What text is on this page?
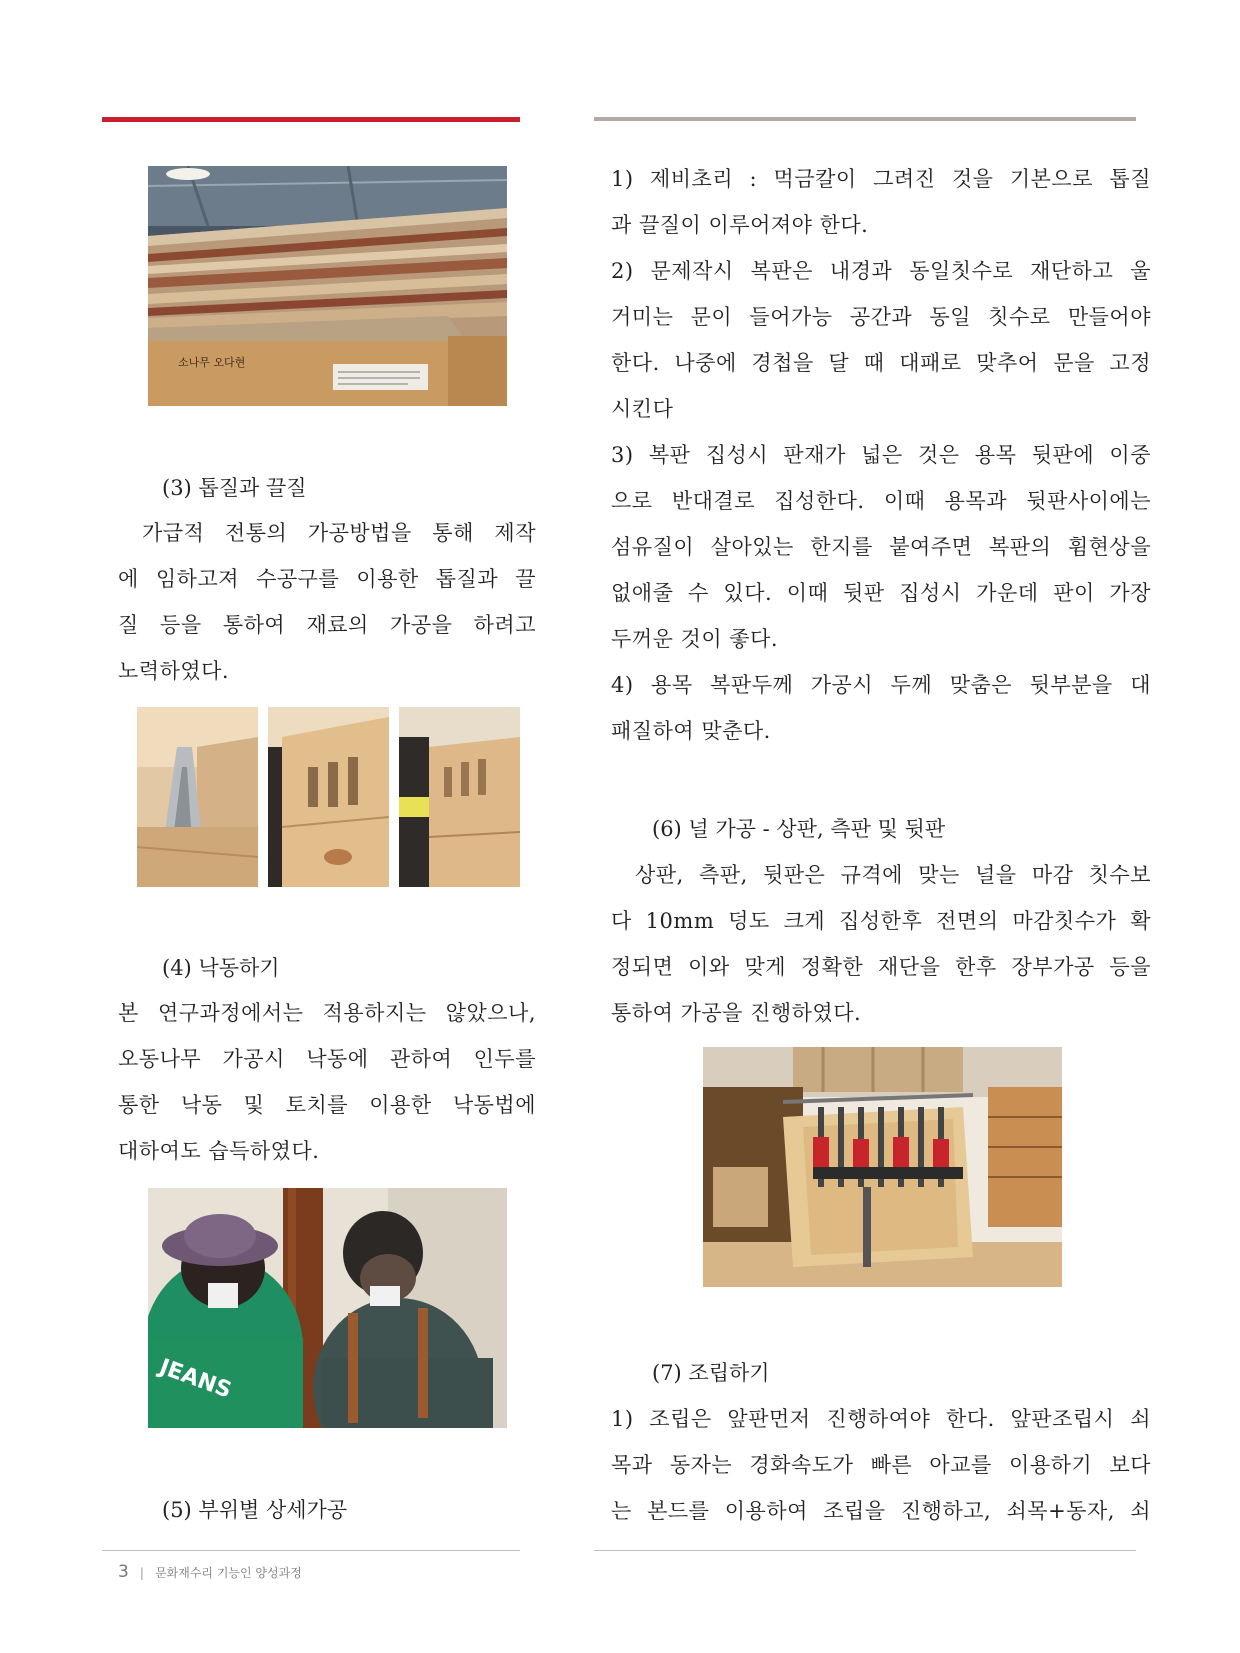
소나무 오다현
(3) 톱질과 끌질
가급적 전통의 가공방법을 통해 제작
에 임하고져 수공구를 이용한 톱질과 끌
질 등을 통하여 재료의 가공을 하려고
노력하였다.
(4) 낙동하기
본 연구과정에서는 적용하지는 않았으나,
오동나무 가공시 낙동에 관하여 인두를
통한 낙동 및 토치를 이용한 낙동법에
대하여도 습득하였다.
JEANS
(5) 부위별 상세가공
1) 제비초리 : 먹금칼이 그려진 것을 기본으로 톱질
과 끌질이 이루어져야 한다.
2) 문제작시 복판은 내경과 동일칫수로 재단하고 울
거미는 문이 들어가능 공간과 동일 칫수로 만들어야
한다. 나중에 경첩을 달 때 대패로 맞추어 문을 고정
시킨다
3) 복판 집성시 판재가 넓은 것은 용목 뒷판에 이중
으로 반대결로 집성한다. 이때 용목과 뒷판사이에는
섬유질이 살아있는 한지를 붙여주면 복판의 휨현상을
없애줄 수 있다. 이때 뒷판 집성시 가운데 판이 가장
두꺼운 것이 좋다.
4) 용목 복판두께 가공시 두께 맞춤은 뒷부분을 대
패질하여 맞춘다.
(6) 널 가공 - 상판, 측판 및 뒷판
상판, 측판, 뒷판은 규격에 맞는 널을 마감 칫수보
다 10mm 덩도 크게 집성한후 전면의 마감칫수가 확
정되면 이와 맞게 정확한 재단을 한후 장부가공 등을
통하여 가공을 진행하였다.
(7) 조립하기
1) 조립은 앞판먼저 진행하여야 한다. 앞판조립시 쇠
목과 동자는 경화속도가 빠른 아교를 이용하기 보다
는 본드를 이용하여 조립을 진행하고, 쇠목+동자, 쇠
3 | 문화재수리 기능인 양성과정
